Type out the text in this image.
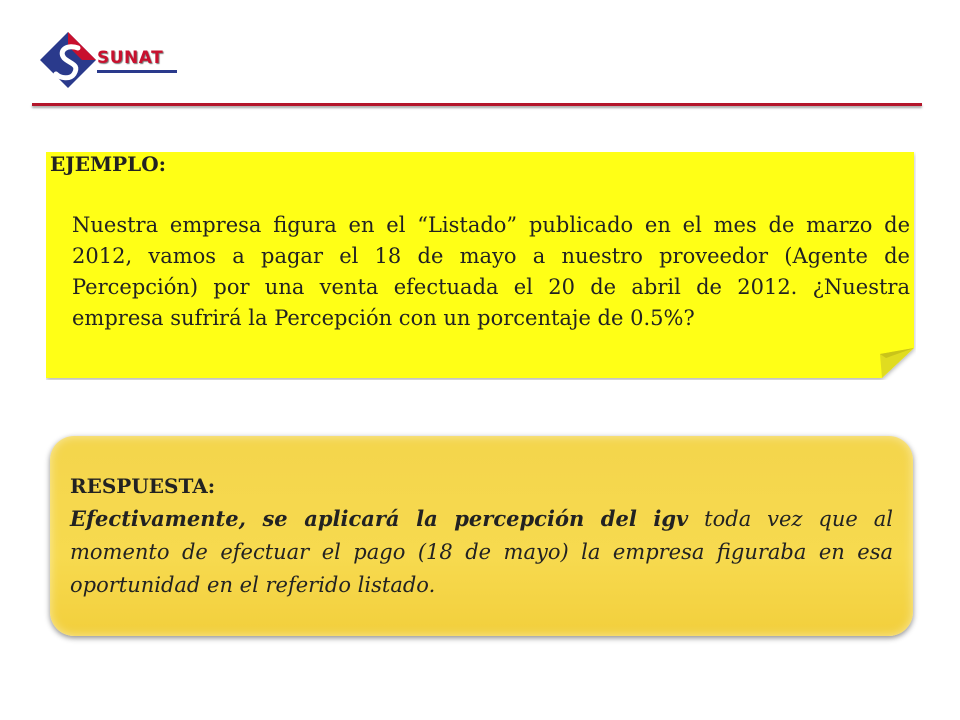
SUNAT
EJEMPLO:
Nuestra empresa figura en el “Listado” publicado en el mes de marzo de 2012, vamos a pagar el 18 de mayo a nuestro proveedor (Agente de Percepción) por una venta efectuada el 20 de abril de 2012. ¿Nuestra empresa sufrirá la Percepción con un porcentaje de 0.5%?
RESPUESTA:
Efectivamente, se aplicará la percepción del igv toda vez que al momento de efectuar el pago (18 de mayo) la empresa figuraba en esa oportunidad en el referido listado.
